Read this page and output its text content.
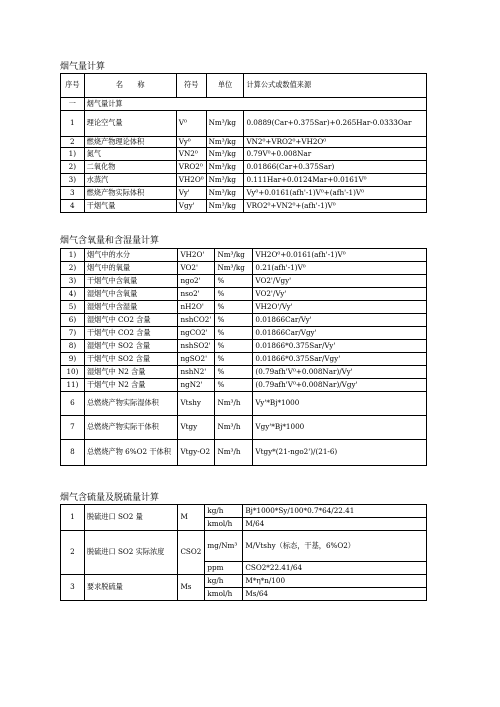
烟气量计算
序号	名　　称	符号	单位	计算公式或数值来源
一	烟气量计算			
1	理论空气量	V⁰	Nm³/kg	0.0889(Car+0.375Sar)+0.265Har-0.0333Oar
2	燃烧产物理论体积	Vy⁰	Nm³/kg	VN2⁰+VRO2⁰+VH2O⁰
1)	氮气	VN2⁰	Nm³/kg	0.79V⁰+0.008Nar
2)	二氧化物	VRO2⁰	Nm³/kg	0.01866(Car+0.375Sar)
3)	水蒸汽	VH2O⁰	Nm³/kg	0.111Har+0.0124Mar+0.0161V⁰
3	燃烧产物实际体积	Vy'	Nm³/kg	Vy⁰+0.0161(afh'-1)V⁰+(afh'-1)V⁰
4	干烟气量	Vgy'	Nm³/kg	VRO2⁰+VN2⁰+(afh'-1)V⁰
烟气含氧量和含湿量计算
1)	烟气中的水分	VH2O'	Nm³/kg	VH2O⁰+0.0161(afh'-1)V⁰
2)	烟气中的氧量	VO2'	Nm³/kg	0.21(afh'-1)V⁰
3)	干烟气中含氧量	ngo2'	%	VO2'/Vgy'
4)	湿烟气中含氧量	nso2'	%	VO2'/Vy'
5)	湿烟气中含湿量	nH2O'	%	VH2O'/Vy'
6)	湿烟气中 CO2 含量	nshCO2'	%	0.01866Car/Vy'
7)	干烟气中 CO2 含量	ngCO2'	%	0.01866Car/Vgy'
8)	湿烟气中 SO2 含量	nshSO2'	%	0.01866*0.375Sar/Vy'
9)	干烟气中 SO2 含量	ngSO2'	%	0.01866*0.375Sar/Vgy'
10)	湿烟气中 N2 含量	nshN2'	%	(0.79afh'V⁰+0.008Nar)/Vy'
11)	干烟气中 N2 含量	ngN2'	%	(0.79afh'V⁰+0.008Nar)/Vgy'
6	总燃烧产物实际湿体积	Vtshy	Nm³/h	Vy'*Bj*1000
7	总燃烧产物实际干体积	Vtgy	Nm³/h	Vgy'*Bj*1000
8	总燃烧产物 6%O2 干体积	Vtgy-O2	Nm³/h	Vtgy*(21-ngo2')/(21-6)
烟气含硫量及脱硫量计算
1	脱硫进口 SO2 量	M	kg/h	Bj*1000*Sy/100*0.7*64/22.41
			kmol/h	M/64
2	脱硫进口 SO2 实际浓度	CSO2	mg/Nm³	M/Vtshy（标态，干基，6%O2）
			ppm	CSO2*22.41/64
3	要求脱硫量	Ms	kg/h	M*η*n/100
			kmol/h	Ms/64
